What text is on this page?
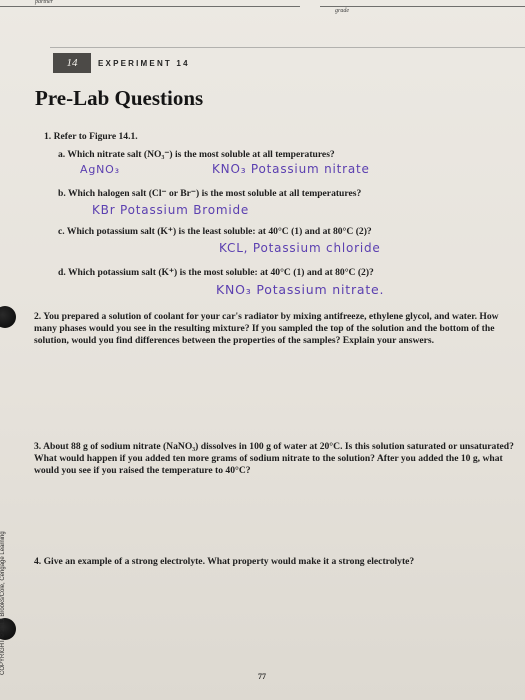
partner
grade
14	EXPERIMENT 14
Pre-Lab Questions
1. Refer to Figure 14.1.
a. Which nitrate salt (NO₃⁻) is the most soluble at all temperatures?
AgNO₃	KNO₃ Potassium nitrate
b. Which halogen salt (Cl⁻ or Br⁻) is the most soluble at all temperatures?
KBr Potassium Bromide
c. Which potassium salt (K⁺) is the least soluble: at 40°C (1) and at 80°C (2)?
KCL, Potassium chloride
d. Which potassium salt (K⁺) is the most soluble: at 40°C (1) and at 80°C (2)?
KNO₃ Potassium nitrate.
2. You prepared a solution of coolant for your car's radiator by mixing antifreeze, ethylene glycol, and water. How many phases would you see in the resulting mixture? If you sampled the top of the solution and the bottom of the solution, would you find differences between the properties of the samples? Explain your answers.
3. About 88 g of sodium nitrate (NaNO₃) dissolves in 100 g of water at 20°C. Is this solution saturated or unsaturated? What would happen if you added ten more grams of sodium nitrate to the solution? After you added the 10 g, what would you see if you raised the temperature to 40°C?
4. Give an example of a strong electrolyte. What property would make it a strong electrolyte?
COPYRIGHT © 2013 Brooks/Cole, Cengage Learning
77
